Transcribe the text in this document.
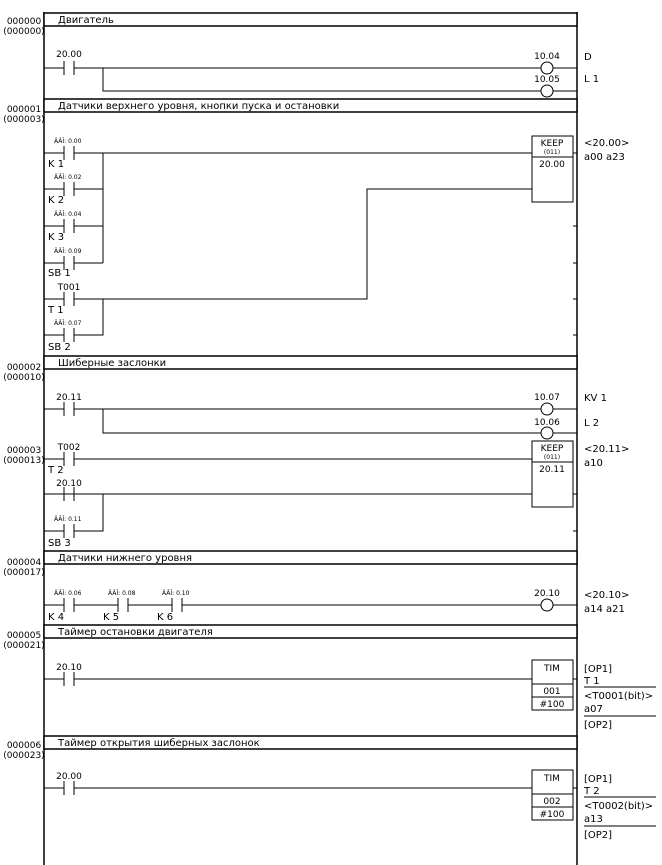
000000
(000000)
Двигатель
20.00	10.04
10.05
D
L 1
000001
(000003)
Датчики верхнего уровня, кнопки пуска и остановки
ÂÂÎ: 0.00
K 1
ÂÂÎ: 0.02
K 2
ÂÂÎ: 0.04
K 3
ÂÂÎ: 0.09
SB 1
T001
T 1
ÂÂÎ: 0.07
SB 2
KEEP
(011)
20.00
<20.00>
a00 a23
000002
(000010)
Шиберные заслонки
20.11	10.07
10.06
KV 1
L 2
000003
(000013)
T002
T 2
20.10
ÂÂÎ: 0.11
SB 3
KEEP
(011)
20.11
<20.11>
a10
000004
(000017)
Датчики нижнего уровня
ÂÂÎ: 0.06
K 4
ÂÂÎ: 0.08
K 5
ÂÂÎ: 0.10
K 6
20.10 <20.10>
a14 a21
000005
(000021)
Таймер остановки двигателя
20.10	TIM
001
#100
[OP1]
T 1
<T0001(bit)>
a07
[OP2]
000006
(000023)
Таймер открытия шиберных заслонок
20.00	TIM
002
#100
[OP1]
T 2
<T0002(bit)>
a13
[OP2]
